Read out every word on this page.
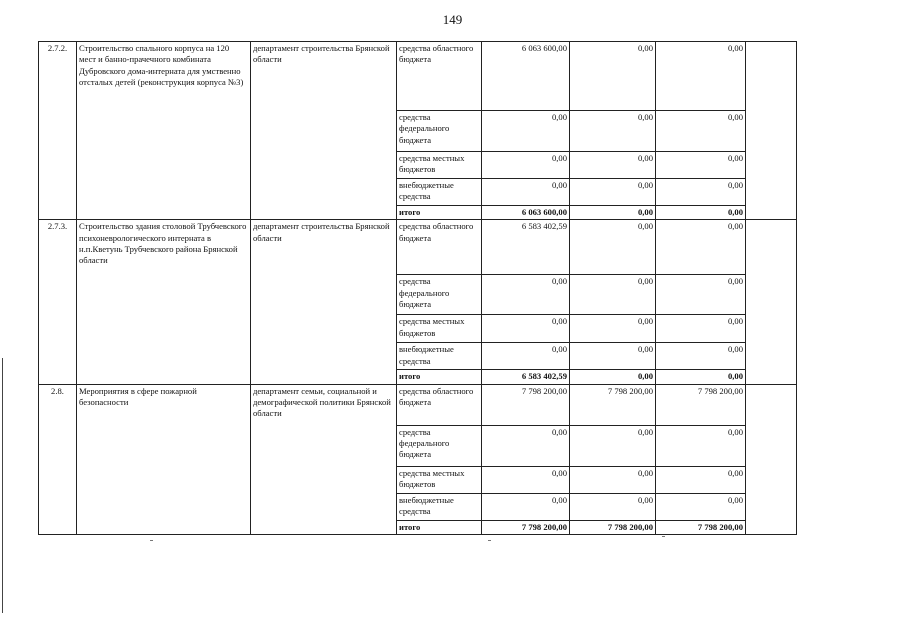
149
2.7.2.	Строительство спального корпуса на 120 мест и банно-прачечного комбината Дубровского дома-интерната для умственно отсталых детей (реконструкция корпуса №3)	департамент строительства Брянской области	средства областного бюджета	6 063 600,00	0,00	0,00	
			средства федерального бюджета	0,00	0,00	0,00	
			средства местных бюджетов	0,00	0,00	0,00	
			внебюджетные средства	0,00	0,00	0,00	
			итого	6 063 600,00	0,00	0,00	
2.7.3.	Строительство здания столовой Трубчевского психоневрологического интерната в н.п.Кветунь Трубчевского района Брянской области	департамент строительства Брянской области	средства областного бюджета	6 583 402,59	0,00	0,00	
			средства федерального бюджета	0,00	0,00	0,00	
			средства местных бюджетов	0,00	0,00	0,00	
			внебюджетные средства	0,00	0,00	0,00	
			итого	6 583 402,59	0,00	0,00	
2.8.	Мероприятия в сфере пожарной безопасности	департамент семьи, социальной и демографической политики Брянской области	средства областного бюджета	7 798 200,00	7 798 200,00	7 798 200,00	
			средства федерального бюджета	0,00	0,00	0,00	
			средства местных бюджетов	0,00	0,00	0,00	
			внебюджетные средства	0,00	0,00	0,00	
			итого	7 798 200,00	7 798 200,00	7 798 200,00	
